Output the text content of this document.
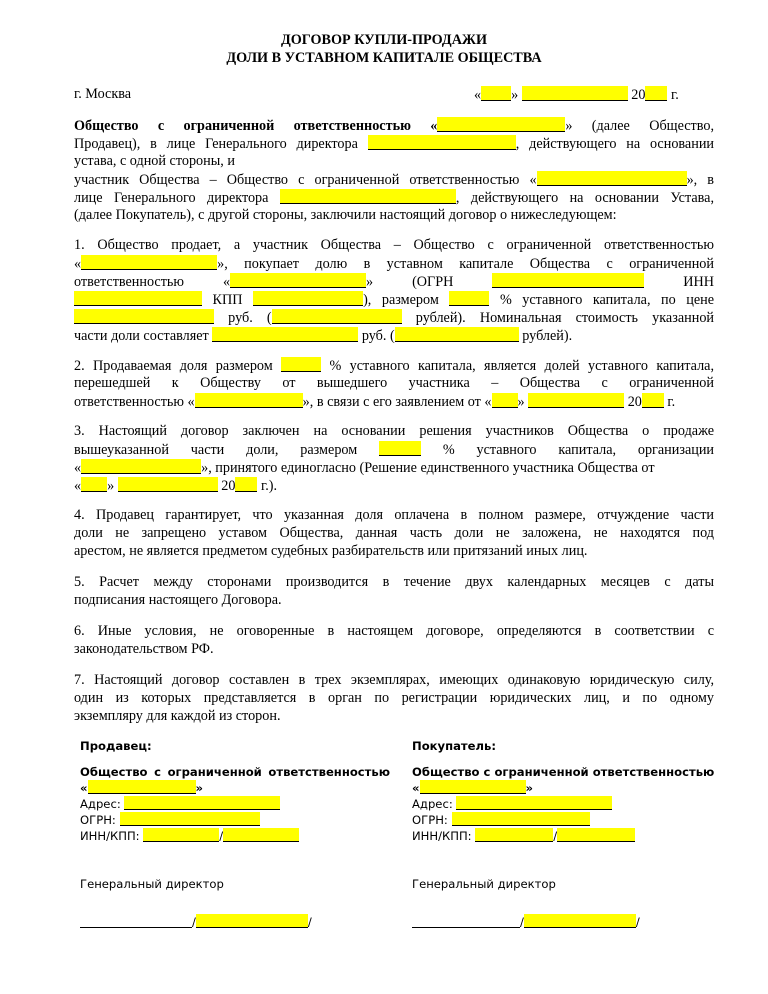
ДОГОВОР КУПЛИ-ПРОДАЖИ
ДОЛИ В УСТАВНОМ КАПИТАЛЕ ОБЩЕСТВА
г. Москва	« »	20 г.
Общество с ограниченной ответственностью «	» (далее Общество,
Продавец), в лице Генерального директора	, действующего на основании
устава, с одной стороны, и
участник Общества – Общество с ограниченной ответственностью «	», в
лице Генерального директора	, действующего на основании Устава,
(далее Покупатель), с другой стороны, заключили настоящий договор о нижеследующем:
1. Общество продает, а участник Общества – Общество с ограниченной ответственностью
«	», покупает долю в уставном капитале Общества с ограниченной
ответственностью	«	»	(ОГРН	ИНН
КПП	), размером	% уставного капитала, по цене
руб. (	рублей). Номинальная стоимость указанной
части доли составляет	руб. (	рублей).
2. Продаваемая доля размером	% уставного капитала, является долей уставного капитала,
перешедшей к Обществу от вышедшего участника – Общества с ограниченной
ответственностью «	», в связи с его заявлением от « »	20 г.
3. Настоящий договор заключен на основании решения участников Общества о продаже
вышеуказанной части доли, размером	% уставного капитала, организации
«	», принятого единогласно (Решение единственного участника Общества от
« »	20 г.).
4. Продавец гарантирует, что указанная доля оплачена в полном размере, отчуждение части
доли не запрещено уставом Общества, данная часть доли не заложена, не находятся под
арестом, не является предметом судебных разбирательств или притязаний иных лиц.
5. Расчет между сторонами производится в течение двух календарных месяцев с даты
подписания настоящего Договора.
6. Иные условия, не оговоренные в настоящем договоре, определяются в соответствии с
законодательством РФ.
7. Настоящий договор составлен в трех экземплярах, имеющих одинаковую юридическую силу,
один из которых представляется в орган по регистрации юридических лиц, и по одному
экземпляру для каждой из сторон.
Продавец:
Общество с ограниченной ответственностью
«	»
Адрес:
ОГРН:
ИНН/КПП:	/
Генеральный директор
/	/
Покупатель:
Общество с ограниченной ответственностью
«	»
Адрес:
ОГРН:
ИНН/КПП:	/
Генеральный директор
/	/
